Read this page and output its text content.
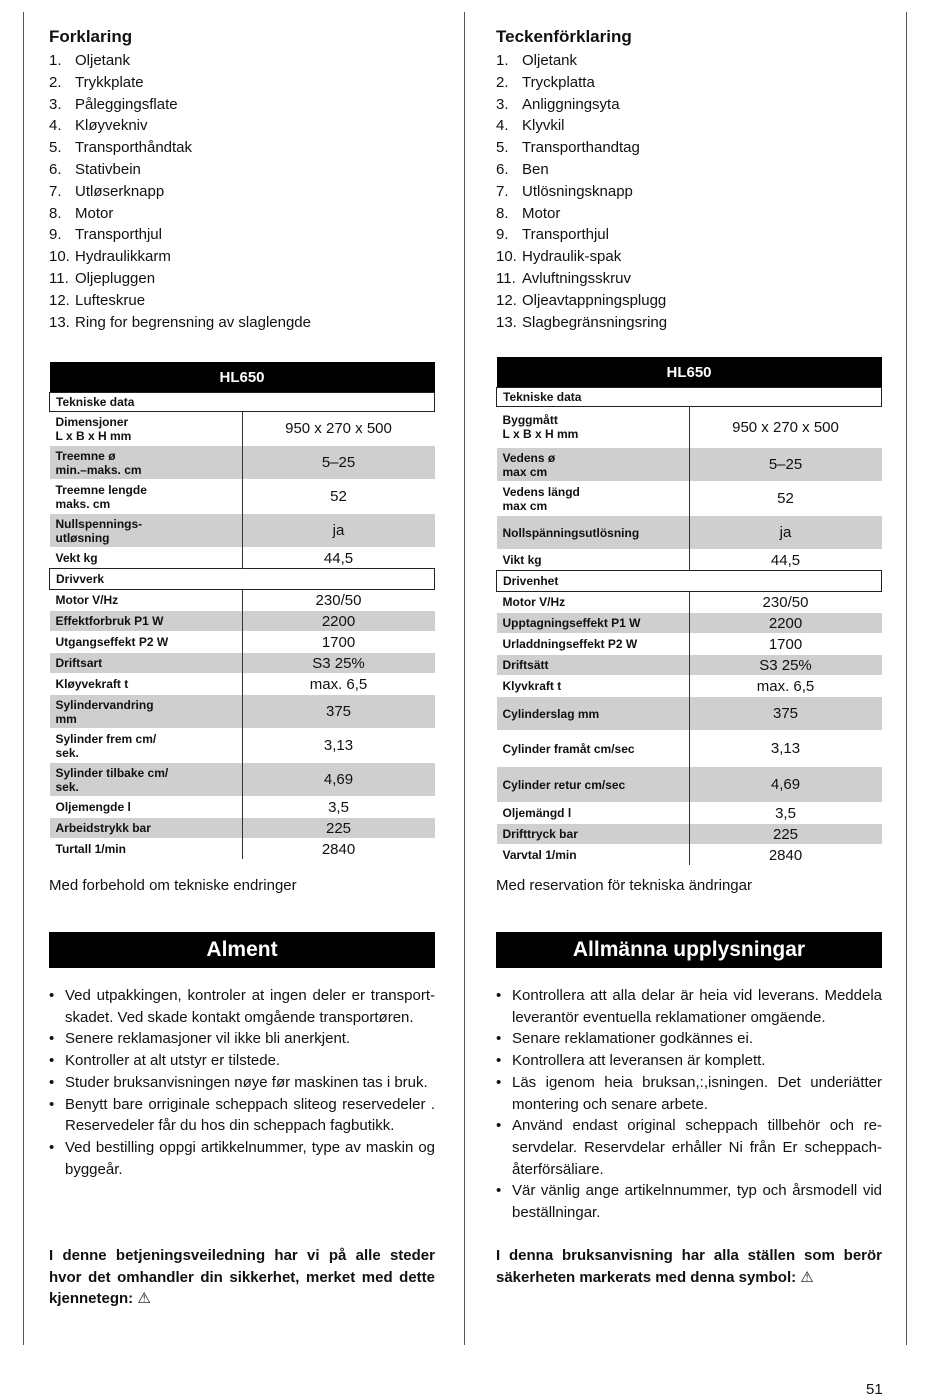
Forklaring
1. Oljetank
2. Trykkplate
3. Påleggingsflate
4. Kløyvekniv
5. Transporthåndtak
6. Stativbein
7. Utløserknapp
8. Motor
9. Transporthjul
10. Hydraulikkarm
11. Oljepluggen
12. Lufteskrue
13. Ring for begrensning av slaglengde
HL650	
Tekniske data	
Dimensjoner
L x B x H mm	950 x 270 x 500
Treemne ø
min.–maks. cm	5–25
Treemne lengde
maks. cm	52
Nullspennings-
utløsning	ja
Vekt kg	44,5
Drivverk	
Motor V/Hz	230/50
Effektforbruk P1 W	2200
Utgangseffekt P2 W	1700
Driftsart	S3 25%
Kløyvekraft t	max. 6,5
Sylindervandring
mm	375
Sylinder frem cm/
sek.	3,13
Sylinder tilbake cm/
sek.	4,69
Oljemengde l	3,5
Arbeidstrykk bar	225
Turtall 1/min	2840
Med forbehold om tekniske endringer
Alment
• Ved utpakkingen, kontroler at ingen deler er transport-skadet. Ved skade kontakt omgående transportøren.
• Senere reklamasjoner vil ikke bli anerkjent.
• Kontroller at alt utstyr er tilstede.
• Studer bruksanvisningen nøye før maskinen tas i bruk.
• Benytt bare orriginale scheppach sliteog reservedeler . Reservedeler får du hos din scheppach fagbutikk.
• Ved bestilling oppgi artikkelnummer, type av maskin og byggeår.
I denne betjeningsveiledning har vi på alle steder hvor det omhandler din sikkerhet, merket med dette kjennetegn: ⚠
Teckenförklaring
1. Oljetank
2. Tryckplatta
3. Anliggningsyta
4. Klyvkil
5. Transporthandtag
6. Ben
7. Utlösningsknapp
8. Motor
9. Transporthjul
10. Hydraulik-spak
11. Avluftningsskruv
12. Oljeavtappningsplugg
13. Slagbegränsningsring
HL650	
Tekniske data	
Byggmått
L x B x H mm	950 x 270 x 500
Vedens ø
max cm	5–25
Vedens längd
max cm	52
Nollspänningsutlösning	ja
Vikt kg	44,5
Drivenhet	
Motor V/Hz	230/50
Upptagningseffekt P1 W	2200
Urladdningseffekt P2 W	1700
Driftsätt	S3 25%
Klyvkraft t	max. 6,5
Cylinderslag mm	375
Cylinder framåt cm/sec	3,13
Cylinder retur cm/sec	4,69
Oljemängd l	3,5
Drifttryck bar	225
Varvtal 1/min	2840
Med reservation för tekniska ändringar
Allmänna upplysningar
• Kontrollera att alla delar är heia vid leverans. Meddela leverantör eventuella reklamationer omgäende.
• Senare reklamationer godkännes ei.
• Kontrollera att leveransen är komplett.
• Läs igenom heia bruksan,:,isningen. Det underiätter montering och senare arbete.
• Använd endast original scheppach tillbehör och re-servdelar. Reservdelar erhåller Ni från Er scheppach-återförsäliare.
• Vär vänlig ange artikelnnummer, typ och årsmodell vid beställningar.
I denna bruksanvisning har alla ställen som berör säkerheten markerats med denna symbol: ⚠
51
